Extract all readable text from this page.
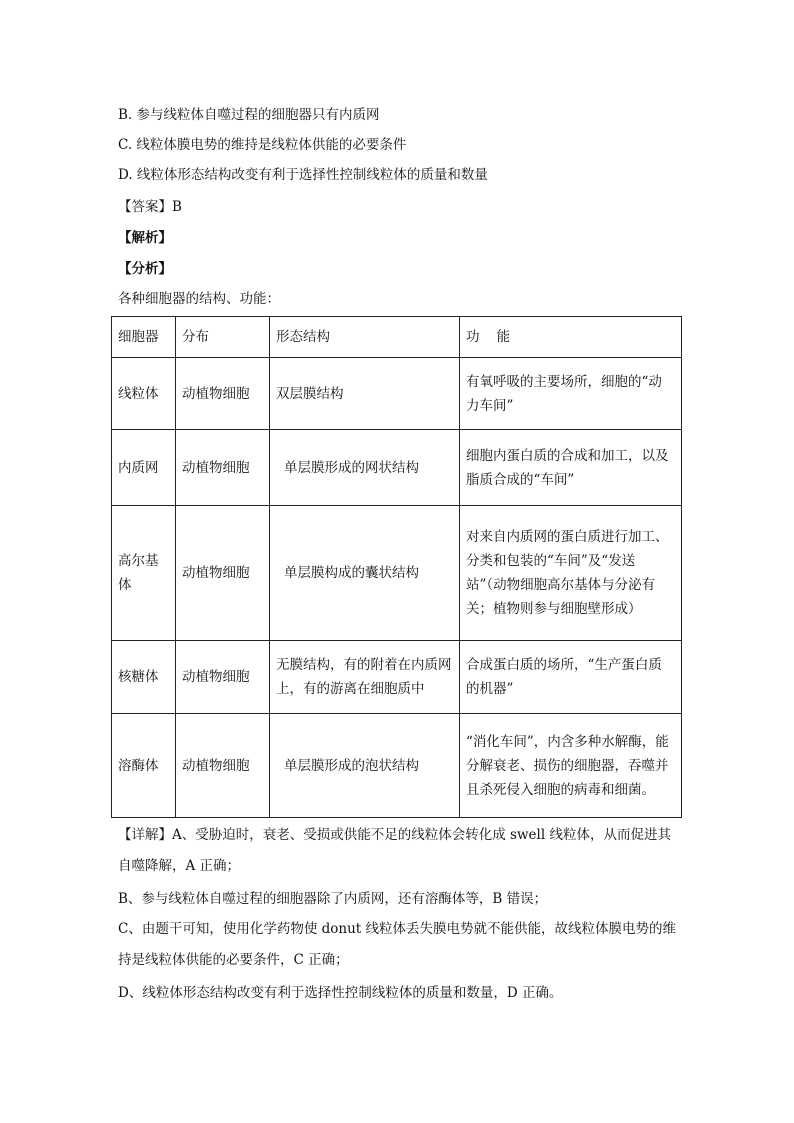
B. 参与线粒体自噬过程的细胞器只有内质网
C. 线粒体膜电势的维持是线粒体供能的必要条件
D. 线粒体形态结构改变有利于选择性控制线粒体的质量和数量
【答案】B
【解析】
【分析】
各种细胞器的结构、功能：
细胞器	分布	形态结构	功    能
线粒体	动植物细胞	双层膜结构	有氧呼吸的主要场所，细胞的“动力车间”
内质网	动植物细胞	单层膜形成的网状结构	细胞内蛋白质的合成和加工，以及脂质合成的“车间”
高尔基体	动植物细胞	单层膜构成的囊状结构	对来自内质网的蛋白质进行加工、分类和包装的“车间”及“发送站”（动物细胞高尔基体与分泌有关；植物则参与细胞壁形成）
核糖体	动植物细胞	无膜结构，有的附着在内质网上，有的游离在细胞质中	合成蛋白质的场所，“生产蛋白质的机器”
溶酶体	动植物细胞	单层膜形成的泡状结构	“消化车间”，内含多种水解酶，能分解衰老、损伤的细胞器，吞噬并且杀死侵入细胞的病毒和细菌。
【详解】A、受胁迫时，衰老、受损或供能不足的线粒体会转化成 swell 线粒体，从而促进其自噬降解，A 正确；
B、参与线粒体自噬过程的细胞器除了内质网，还有溶酶体等，B 错误；
C、由题干可知，使用化学药物使 donut 线粒体丢失膜电势就不能供能，故线粒体膜电势的维持是线粒体供能的必要条件，C 正确；
D、线粒体形态结构改变有利于选择性控制线粒体的质量和数量，D 正确。
